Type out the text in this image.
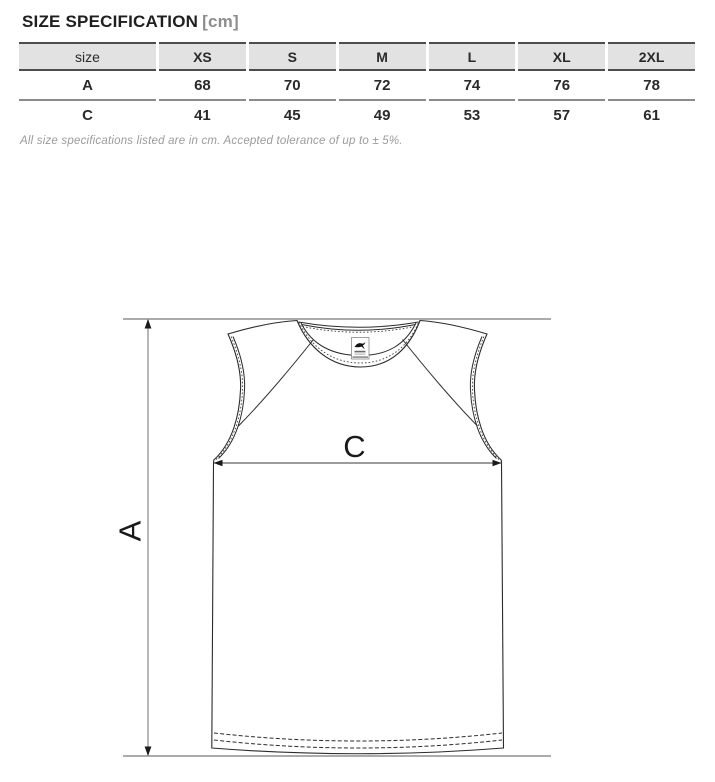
SIZE SPECIFICATION [cm]
size	XS	S	M	L	XL	2XL
A	68	70	72	74	76	78
C	41	45	49	53	57	61

All size specifications listed are in cm. Accepted tolerance of up to ± 5%.

A
C
